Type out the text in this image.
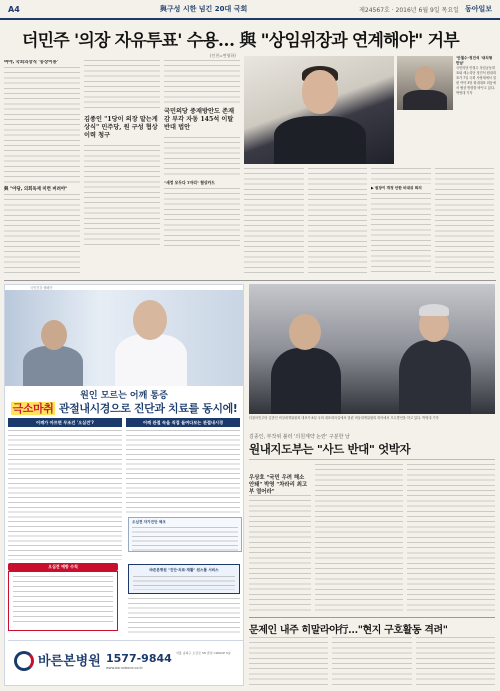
A4	與구성 시한 넘긴 20대 국회	제24567호 · 2016년 6월 9일 목요일 동아일보
더민주 '의장 자유투표' 수용… 與 "상임위장과 연계해야" 거부
(인천=변영하)
여야, 국회의장직 '동상이몽'
與 "야당, 의회독재 미련 버려야"
김종인 "1당이 의장 맡는게 상식" 민주당, 원 구성 협상 이력 청구
국민의당 중재방안도 존재감 부각 자동 145석 이탈 반대 법안
"새정 모두다 7자리" 협상카드
'안철수-정진석 '대치형 만남'
국민의당 안철수 상임공동대표와 새누리당 정진석 원내대표가 7일 국회 사랑재에서 열린 여야 3당 원내대표 회동에서 협상 방향을 바꾸고 있다. 박영대 기자
▶ 원장이 개정 안한 비대위 회의
국민건강 캠페인
원인 모르는 어깨 통증
극소마취 관절내시경으로 진단과 치료를 동시에!
어깨가 아프면 무조건 '오십견'?	어깨 관절 속을 직접 들여다보는 관절내시경
오십견 자가진단 체크
오십견 예방 수칙
바른본병원 "진단·치료·재활" 원스톱 서비스
바른본병원 1577-9844
www.barunbone.co.kr
서울 송파구 오금로 58 잠실 I-SPACE 5층
더불어민주당 김종인 비상대책위원회 대표가 8일 국회 대표회의실에서 열린 비상대책위원회 회의에서 모두발언을 하고 있다. 박영대 기자
김종인, 부작위 불러 '의원계약 논란' 구분한 날
원내지도부는 "사드 반대" 엇박자
우상호 "국민 우려 해소 안돼" 박영 "차라리 최고부 열어라"
문제인 내주 히말라야行…"현지 구호활동 격려"
